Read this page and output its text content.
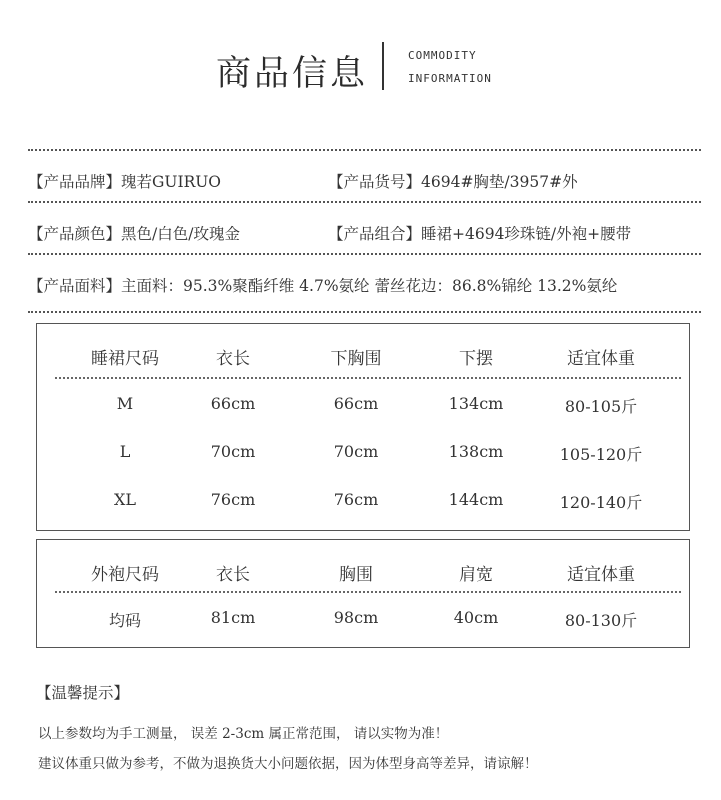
商品信息	COMMODITY
INFORMATION
【产品品牌】瑰若GUIRUO	【产品货号】4694#胸垫/3957#外
【产品颜色】黑色/白色/玫瑰金	【产品组合】睡裙+4694珍珠链/外袍+腰带
【产品面料】主面料：95.3%聚酯纤维 4.7%氨纶 蕾丝花边：86.8%锦纶 13.2%氨纶
睡裙尺码	衣长	下胸围	下摆	适宜体重
M	66cm	66cm	134cm	80-105斤
L	70cm	70cm	138cm	105-120斤
XL	76cm	76cm	144cm	120-140斤
外袍尺码	衣长	胸围	肩宽	适宜体重
均码	81cm	98cm	40cm	80-130斤
【温馨提示】
以上参数均为手工测量， 误差 2-3cm 属正常范围， 请以实物为准！
建议体重只做为参考，不做为退换货大小问题依据，因为体型身高等差异，请谅解！
